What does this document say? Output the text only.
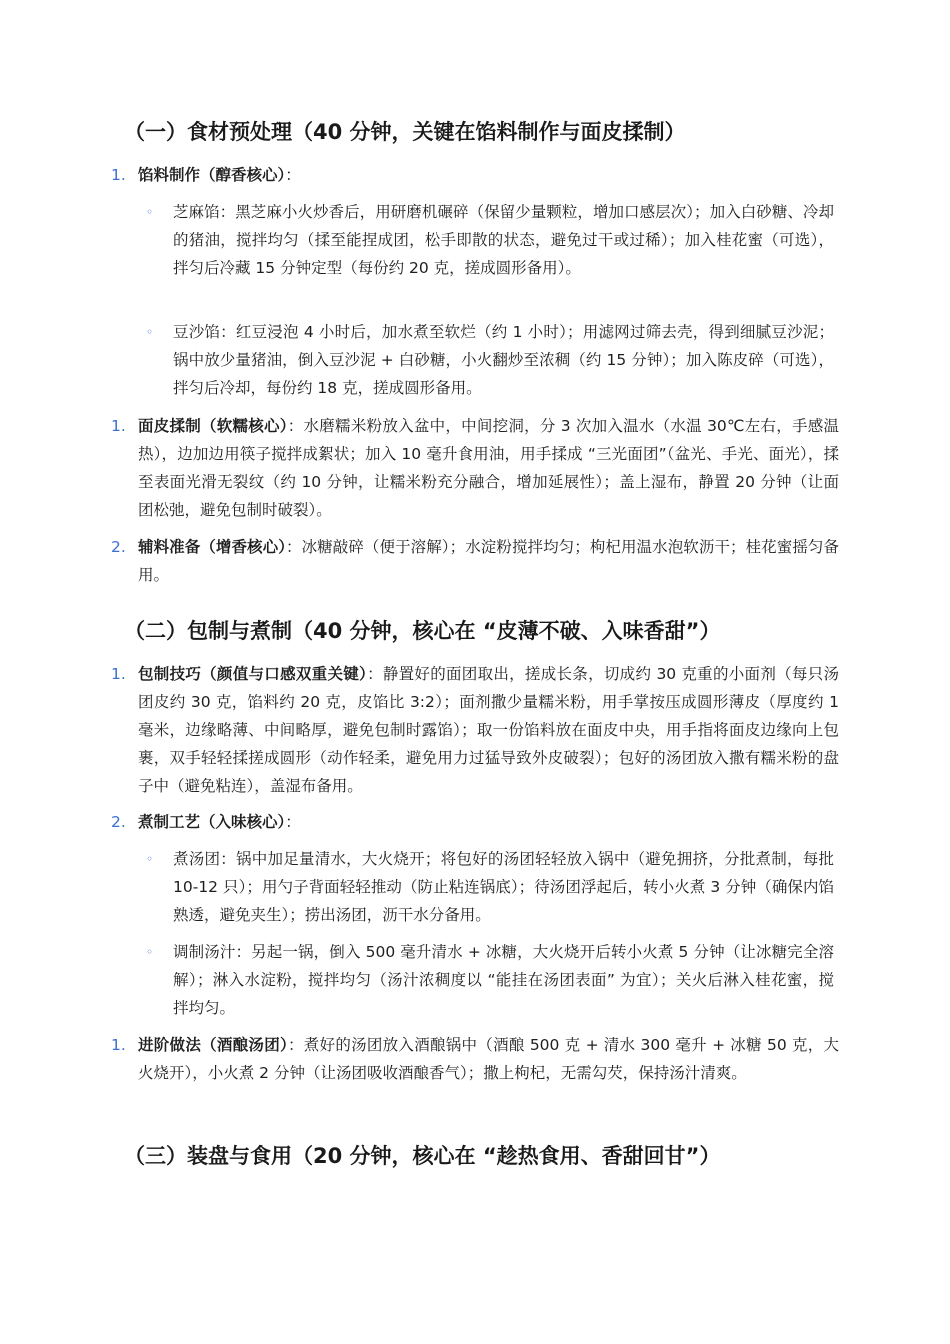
（一）食材预处理（40 分钟，关键在馅料制作与面皮揉制）
1. 馅料制作（醇香核心）：
◦	芝麻馅：黑芝麻小火炒香后，用研磨机碾碎（保留少量颗粒，增加口感层次）；加入白砂糖、冷却的猪油，搅拌均匀（揉至能捏成团，松手即散的状态，避免过干或过稀）；加入桂花蜜（可选），拌匀后冷藏 15 分钟定型（每份约 20 克，搓成圆形备用）。
◦	豆沙馅：红豆浸泡 4 小时后，加水煮至软烂（约 1 小时）；用滤网过筛去壳，得到细腻豆沙泥；锅中放少量猪油，倒入豆沙泥 + 白砂糖，小火翻炒至浓稠（约 15 分钟）；加入陈皮碎（可选），拌匀后冷却，每份约 18 克，搓成圆形备用。
1. 面皮揉制（软糯核心）：水磨糯米粉放入盆中，中间挖洞，分 3 次加入温水（水温 30℃左右，手感温热），边加边用筷子搅拌成絮状；加入 10 毫升食用油，用手揉成 “三光面团”（盆光、手光、面光），揉至表面光滑无裂纹（约 10 分钟，让糯米粉充分融合，增加延展性）；盖上湿布，静置 20 分钟（让面团松弛，避免包制时破裂）。
2. 辅料准备（增香核心）：冰糖敲碎（便于溶解）；水淀粉搅拌均匀；枸杞用温水泡软沥干；桂花蜜摇匀备用。
（二）包制与煮制（40 分钟，核心在 “皮薄不破、入味香甜”）
1. 包制技巧（颜值与口感双重关键）：静置好的面团取出，搓成长条，切成约 30 克重的小面剂（每只汤团皮约 30 克，馅料约 20 克，皮馅比 3:2）；面剂撒少量糯米粉，用手掌按压成圆形薄皮（厚度约 1 毫米，边缘略薄、中间略厚，避免包制时露馅）；取一份馅料放在面皮中央，用手指将面皮边缘向上包裹，双手轻轻揉搓成圆形（动作轻柔，避免用力过猛导致外皮破裂）；包好的汤团放入撒有糯米粉的盘子中（避免粘连），盖湿布备用。
2. 煮制工艺（入味核心）：
◦	煮汤团：锅中加足量清水，大火烧开；将包好的汤团轻轻放入锅中（避免拥挤，分批煮制，每批 10-12 只）；用勺子背面轻轻推动（防止粘连锅底）；待汤团浮起后，转小火煮 3 分钟（确保内馅熟透，避免夹生）；捞出汤团，沥干水分备用。
◦	调制汤汁：另起一锅，倒入 500 毫升清水 + 冰糖，大火烧开后转小火煮 5 分钟（让冰糖完全溶解）；淋入水淀粉，搅拌均匀（汤汁浓稠度以 “能挂在汤团表面” 为宜）；关火后淋入桂花蜜，搅拌均匀。
1. 进阶做法（酒酿汤团）：煮好的汤团放入酒酿锅中（酒酿 500 克 + 清水 300 毫升 + 冰糖 50 克，大火烧开），小火煮 2 分钟（让汤团吸收酒酿香气）；撒上枸杞，无需勾芡，保持汤汁清爽。
（三）装盘与食用（20 分钟，核心在 “趁热食用、香甜回甘”）
